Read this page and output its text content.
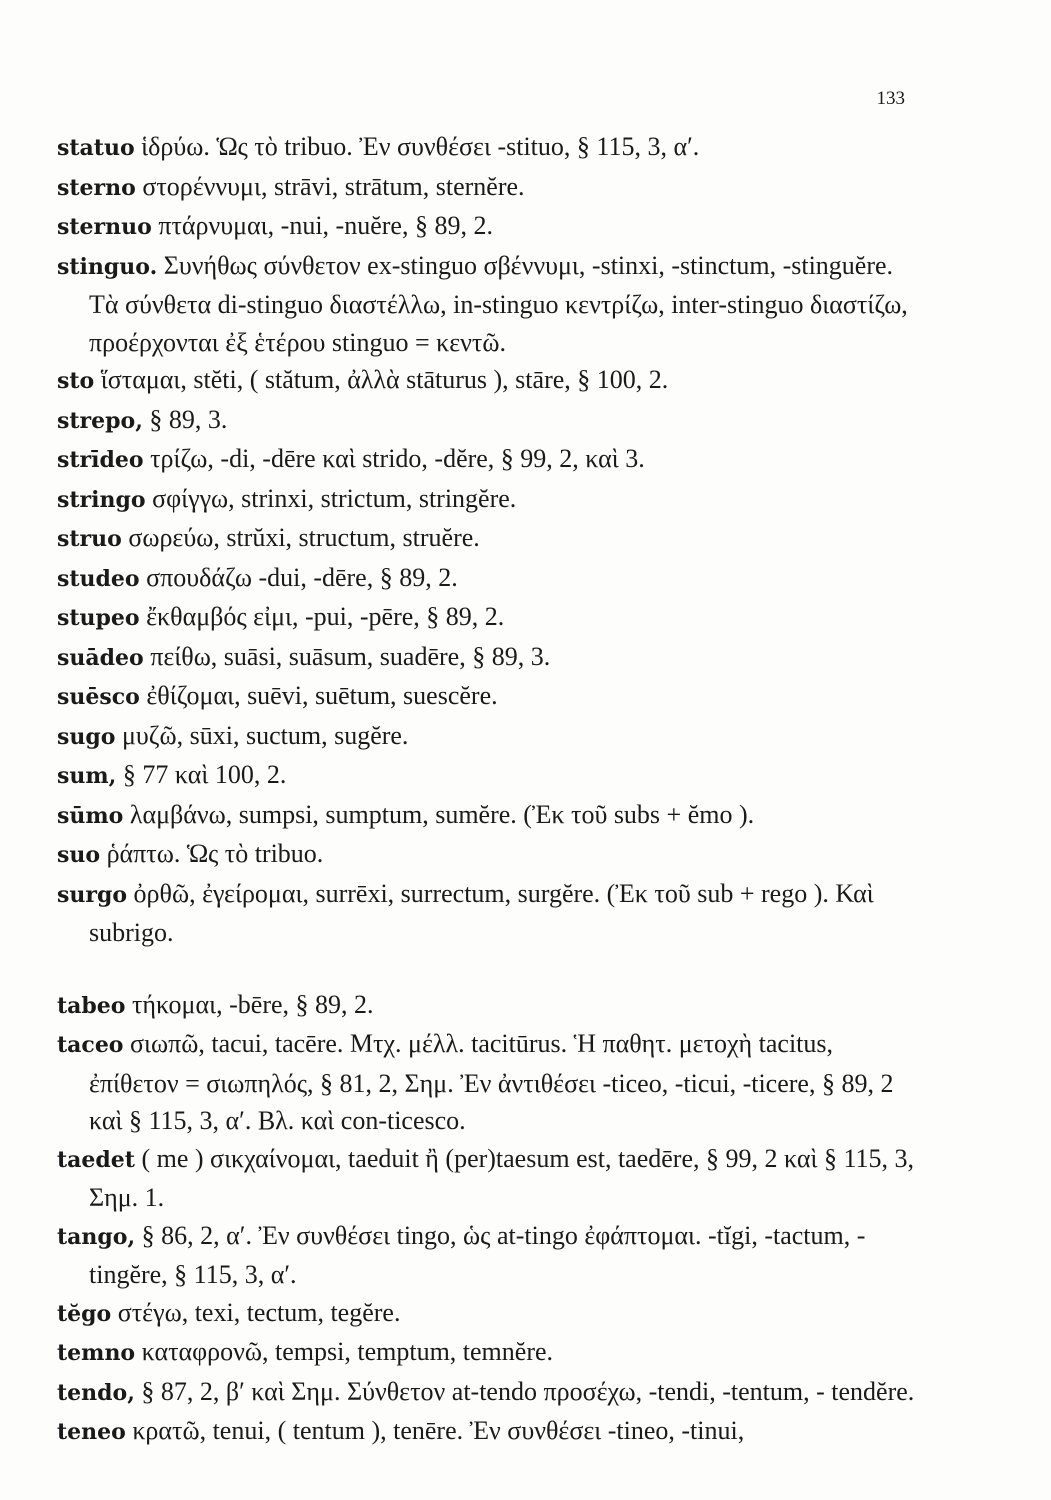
133
statuo ἱδρύω. Ὡς τὸ tribuo. Ἐν συνθέσει -stituo, § 115, 3, α′.
sterno στορέννυμι, strāvi, strātum, sternĕre.
sternuo πτάρνυμαι, -nui, -nuĕre, § 89, 2.
stinguo. Συνήθως σύνθετον ex-stinguo σβέννυμι, -stinxi, -stinctum, -stinguĕre. Τὰ σύνθετα di-stinguo διαστέλλω, in-stinguo κεντρίζω, inter-stinguo διαστίζω, προέρχονται ἐξ ἑτέρου stinguo = κεντῶ.
sto ἵσταμαι, stĕti, ( stătum, ἀλλὰ stāturus ), stāre, § 100, 2.
strepo, § 89, 3.
strīdeo τρίζω, -di, -dēre καὶ strido, -dĕre, § 99, 2, καὶ 3.
stringo σφίγγω, strinxi, strictum, stringĕre.
struo σωρεύω, strŭxi, structum, struĕre.
studeo σπουδάζω -dui, -dēre, § 89, 2.
stupeo ἔκθαμβός εἰμι, -pui, -pēre, § 89, 2.
suādeo πείθω, suāsi, suāsum, suadēre, § 89, 3.
suēsco ἐθίζομαι, suēvi, suētum, suescĕre.
sugo μυζῶ, sūxi, suctum, sugĕre.
sum, § 77 καὶ 100, 2.
sūmo λαμβάνω, sumpsi, sumptum, sumĕre. (Ἐκ τοῦ subs + ĕmo ).
suo ῥάπτω. Ὡς τὸ tribuo.
surgo ὀρθῶ, ἐγείρομαι, surrēxi, surrectum, surgĕre. (Ἐκ τοῦ sub + rego ). Καὶ subrigo.
tabeo τήκομαι, -bēre, § 89, 2.
taceo σιωπῶ, tacui, tacēre. Μτχ. μέλλ. tacitūrus. Ἡ παθητ. μετοχὴ tacitus, ἐπίθετον = σιωπηλός, § 81, 2, Σημ. Ἐν ἀντιθέσει -ticeo, -ticui, -ticere, § 89, 2 καὶ § 115, 3, α′. Βλ. καὶ con-ticesco.
taedet ( me ) σικχαίνομαι, taeduit ἢ (per)taesum est, taedēre, § 99, 2 καὶ § 115, 3, Σημ. 1.
tango, § 86, 2, α′. Ἐν συνθέσει tingo, ὡς at-tingo ἐφάπτομαι. -tĭgi, -tactum, -tingĕre, § 115, 3, α′.
tĕgo στέγω, texi, tectum, tegĕre.
temno καταφρονῶ, tempsi, temptum, temnĕre.
tendo, § 87, 2, β′ καὶ Σημ. Σύνθετον at-tendo προσέχω, -tendi, -tentum, - tendĕre.
teneo κρατῶ, tenui, ( tentum ), tenēre. Ἐν συνθέσει -tineo, -tinui,
